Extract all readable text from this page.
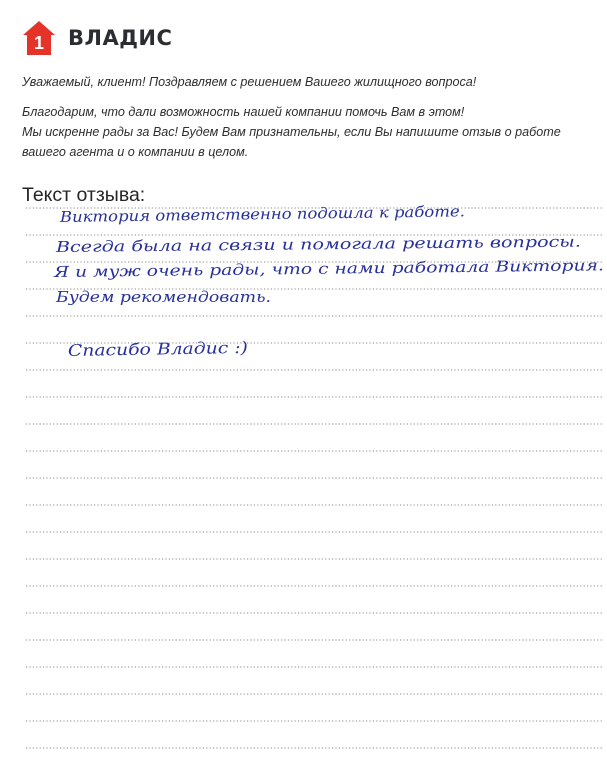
1 ВЛАДИС

Уважаемый, клиент! Поздравляем с решением Вашего жилищного вопроса!

Благодарим, что дали возможность нашей компании помочь Вам в этом!

Мы искренне рады за Вас! Будем Вам признательны, если Вы напишите отзыв о работе

вашего агента и о компании в целом.

Текст отзыва:
Виктория ответственно подошла к работе.
Всегда была на связи и помогала решать вопросы.
Я и муж очень рады, что с нами работала Виктория.
Будем рекомендовать.
Спасибо Владис :)
